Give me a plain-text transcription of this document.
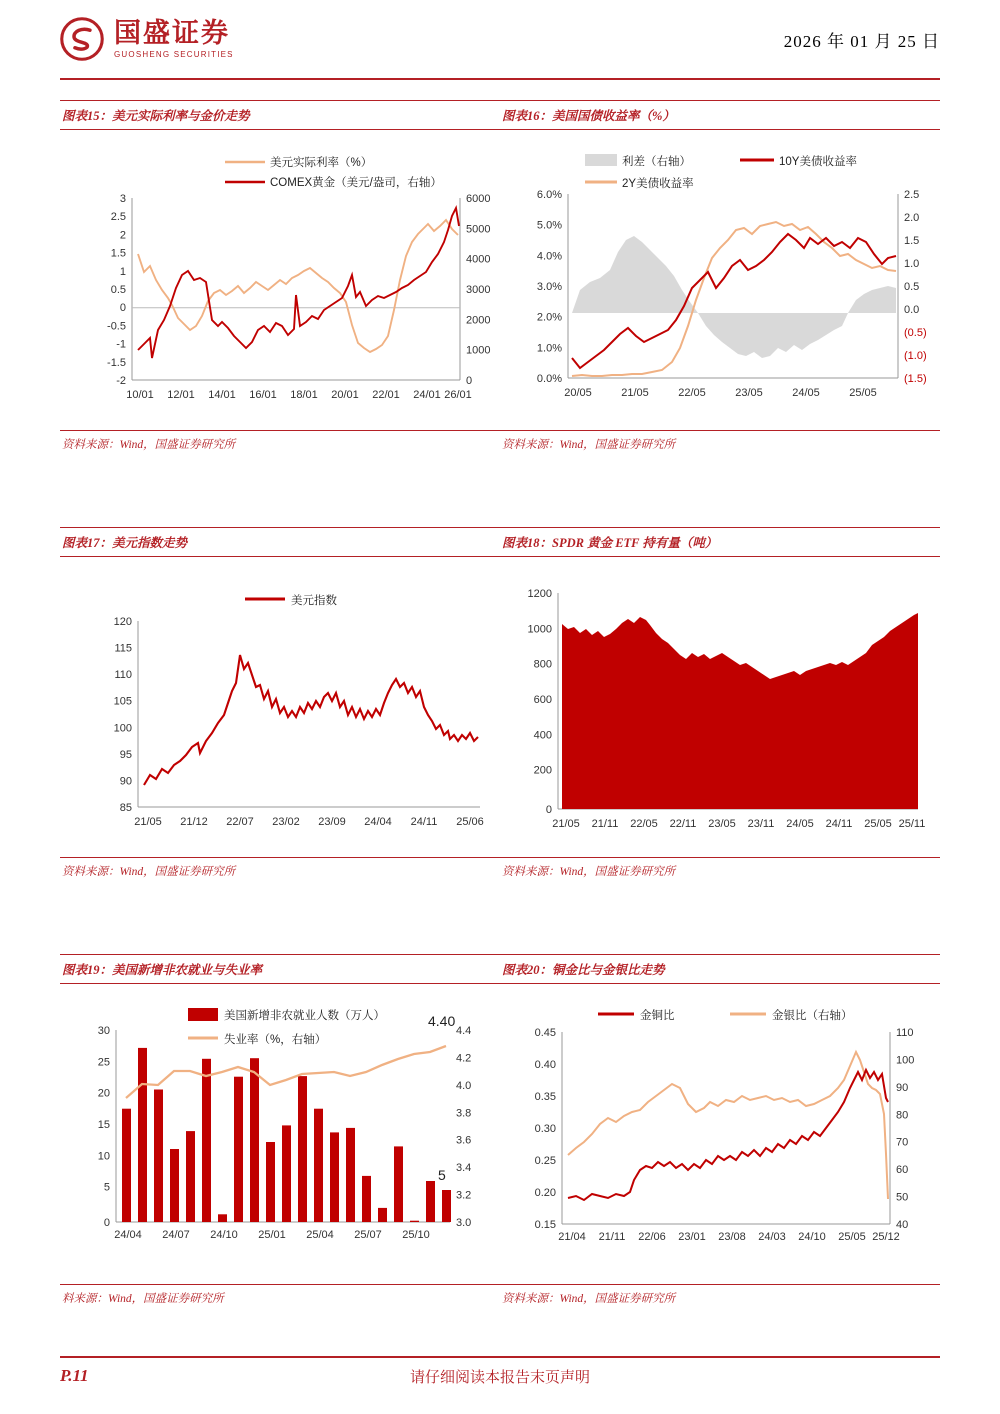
国盛证券
GUOSHENG SECURITIES
2026 年 01 月 25 日
图表15：美元实际利率与金价走势
美元实际利率（%）
COMEX黄金（美元/盎司，右轴）
3
2.5
2
1.5
1
0.5
0
-0.5
-1
-1.5
-2
6000
5000
4000
3000
2000
1000
0
10/01 12/01 14/01 16/01 18/01 20/01 22/01 24/01 26/01
资料来源：Wind，国盛证券研究所
图表16：美国国债收益率（%）
利差（右轴）	10Y美债收益率
2Y美债收益率
6.0%
5.0%
4.0%
3.0%
2.0%
1.0%
0.0%
2.5
2.0
1.5
1.0
0.5
0.0
(0.5)
(1.0)
(1.5)
20/05	21/05	22/05	23/05	24/05	25/05
资料来源：Wind，国盛证券研究所
图表17：美元指数走势
美元指数
120
115
110
105
100
95
90
85
21/05 21/12 22/07 23/02 23/09 24/04 24/11 25/06
资料来源：Wind，国盛证券研究所
图表18：SPDR 黄金 ETF 持有量（吨）
1200
1000
800
600
400
200
0
21/05 21/11 22/05 22/11 23/05 23/11 24/05 24/11 25/05 25/11
资料来源：Wind，国盛证券研究所
图表19：美国新增非农就业与失业率
美国新增非农就业人数（万人）
失业率（%，右轴）
30
25
20
15
10
5
0
4.4
4.2
4.0
3.8
3.6
3.4
3.2
3.0
24/04 24/07 24/10 25/01 25/04 25/07 25/10
4.40
5
料来源：Wind，国盛证券研究所
图表20：铜金比与金银比走势
金铜比	金银比（右轴）
0.45
0.40
0.35
0.30
0.25
0.20
0.15
110
100
90
80
70
60
50
40
21/04 21/11 22/06 23/01 23/08 24/03 24/10 25/05 25/12
资料来源：Wind，国盛证券研究所
P.11	请仔细阅读本报告末页声明
